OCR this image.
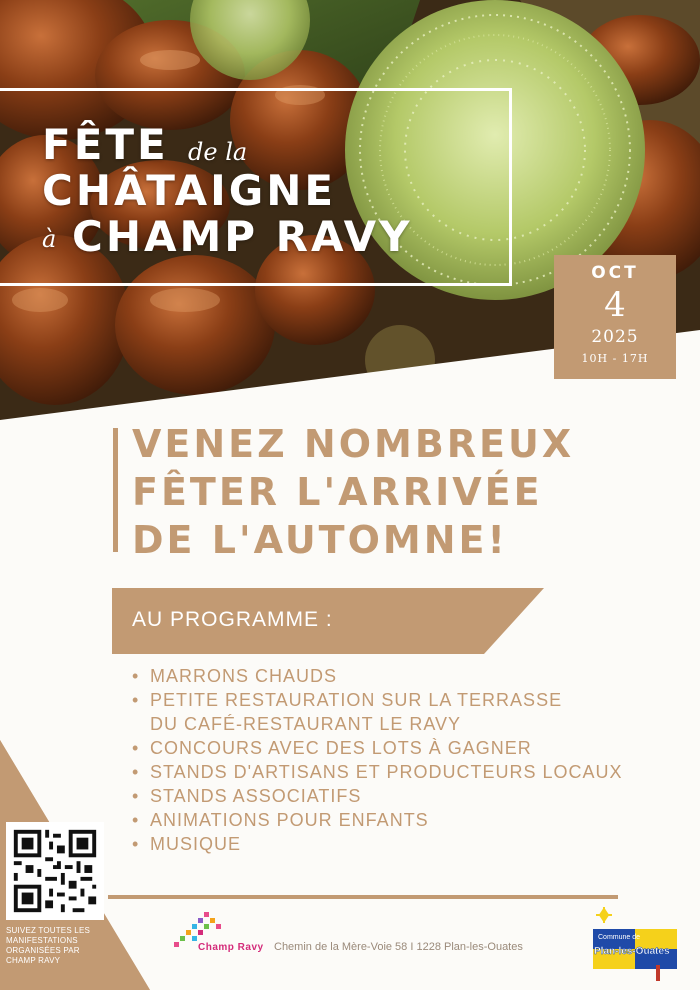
FÊTE de la
CHÂTAIGNE
à CHAMP RAVY
OCT
4
2025
10H - 17H
VENEZ NOMBREUX
FÊTER L'ARRIVÉE
DE L'AUTOMNE!
AU PROGRAMME :
• MARRONS CHAUDS
• PETITE RESTAURATION SUR LA TERRASSE
DU CAFÉ-RESTAURANT LE RAVY
• CONCOURS AVEC DES LOTS À GAGNER
• STANDS D'ARTISANS ET PRODUCTEURS LOCAUX
• STANDS ASSOCIATIFS
• ANIMATIONS POUR ENFANTS
• MUSIQUE
SUIVEZ TOUTES LES MANIFESTATIONS ORGANISÉES PAR CHAMP RAVY
Champ Ravy Chemin de la Mère-Voie 58 I 1228 Plan-les-Ouates
Commune de
Plan-les-Ouates
